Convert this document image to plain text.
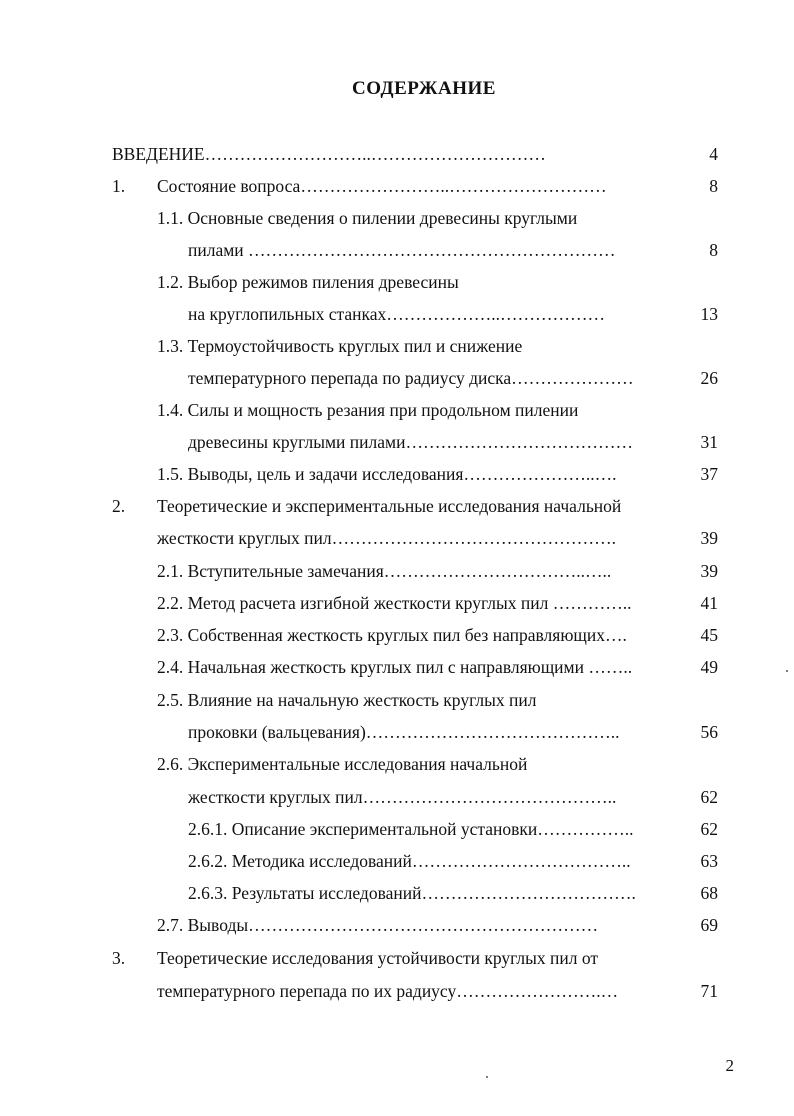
СОДЕРЖАНИЕ
ВВЕДЕНИЕ………………………..…………………………	4
1. Состояние вопроса……………………..………………………	8
1.1. Основные сведения о пилении древесины круглыми
пилами ………………………………………………………	8
1.2. Выбор режимов пиления древесины
на круглопильных станках………………..………………	13
1.3. Термоустойчивость круглых пил и снижение
температурного перепада по радиусу диска…………………	26
1.4. Силы и мощность резания при продольном пилении
древесины круглыми пилами…………………………………	31
1.5. Выводы, цель и задачи исследования…………………..….	37
2. Теоретические и экспериментальные исследования начальной
жесткости круглых пил………………………………………….	39
2.1. Вступительные замечания……………………………..…..	39
2.2. Метод расчета изгибной жесткости круглых пил …………..	41
2.3. Собственная жесткость круглых пил без направляющих….	45
2.4. Начальная жесткость круглых пил с направляющими ……..	49
2.5. Влияние на начальную жесткость круглых пил
проковки (вальцевания)……………………………………..	56
2.6. Экспериментальные исследования начальной
жесткости круглых пил……………………………………..	62
2.6.1. Описание экспериментальной установки……………..	62
2.6.2. Методика исследований………………………………..	63
2.6.3. Результаты исследований……………………………….	68
2.7. Выводы……………………………………………………	69
3. Теоретические исследования устойчивости круглых пил от
температурного перепада по их радиусу…………………….…	71
2
